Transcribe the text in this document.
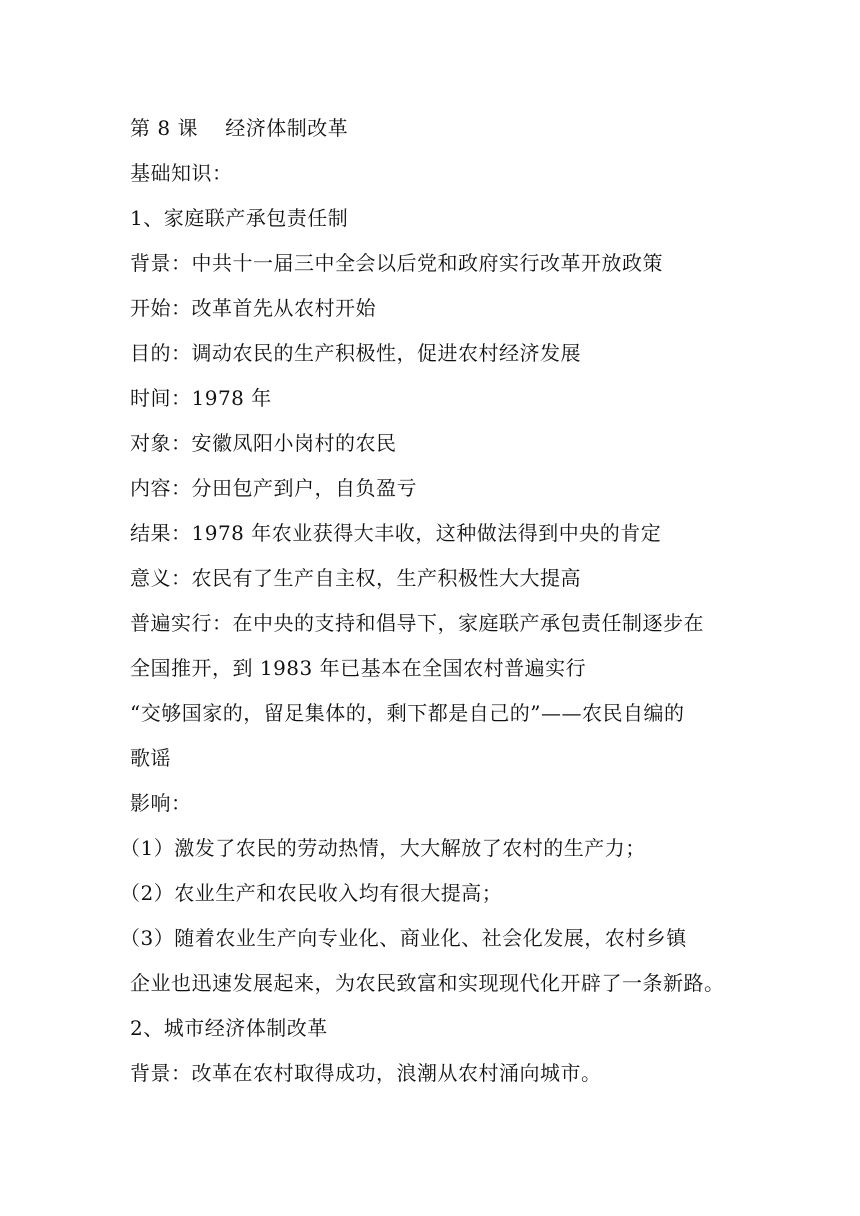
第 8 课　 经济体制改革
基础知识：
1、家庭联产承包责任制
背景：中共十一届三中全会以后党和政府实行改革开放政策
开始：改革首先从农村开始
目的：调动农民的生产积极性，促进农村经济发展
时间：1978 年
对象：安徽凤阳小岗村的农民
内容：分田包产到户，自负盈亏
结果：1978 年农业获得大丰收，这种做法得到中央的肯定
意义：农民有了生产自主权，生产积极性大大提高
普遍实行：在中央的支持和倡导下，家庭联产承包责任制逐步在
全国推开，到 1983 年已基本在全国农村普遍实行
“交够国家的，留足集体的，剩下都是自己的”——农民自编的
歌谣
影响：
（1）激发了农民的劳动热情，大大解放了农村的生产力；
（2）农业生产和农民收入均有很大提高；
（3）随着农业生产向专业化、商业化、社会化发展，农村乡镇
企业也迅速发展起来，为农民致富和实现现代化开辟了一条新路。
2、城市经济体制改革
背景：改革在农村取得成功，浪潮从农村涌向城市。
